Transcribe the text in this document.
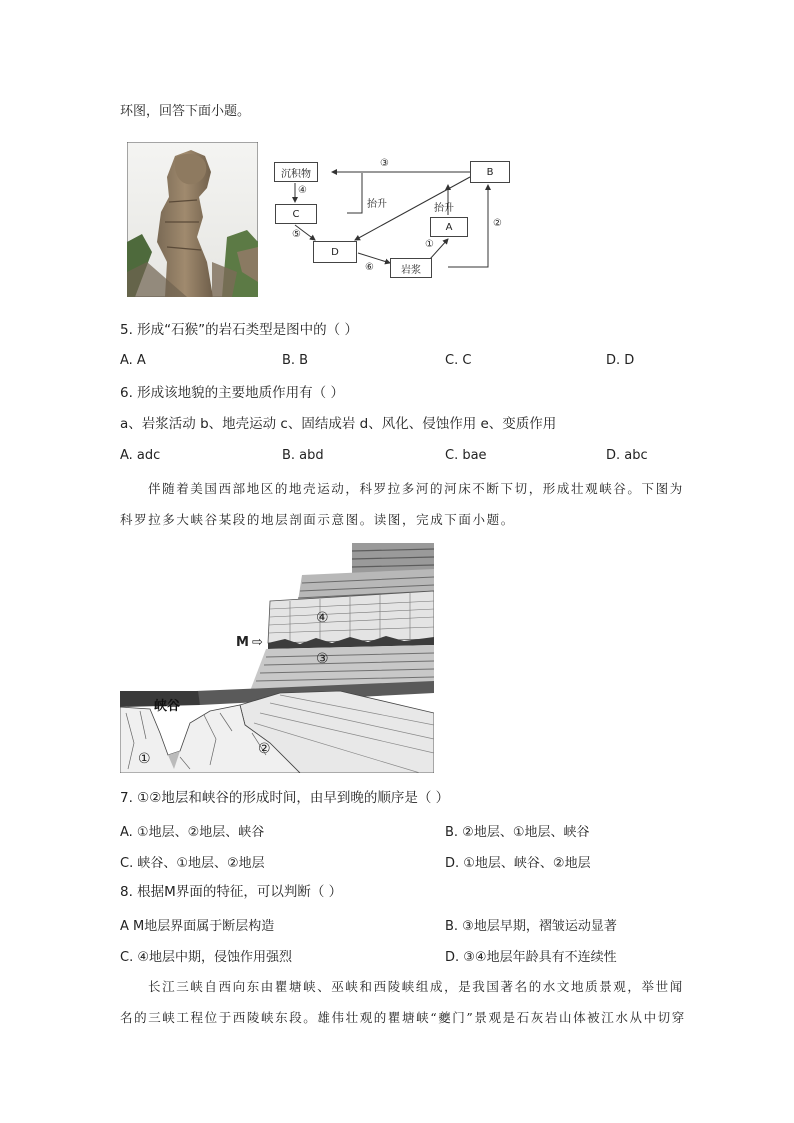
环图，回答下面小题。
沉积物
C
D
B
A
岩浆
③
④
⑤
⑥
①
②
抬升	抬升
5. 形成“石猴”的岩石类型是图中的（ ）
A. A	B. B	C. C	D. D
6. 形成该地貌的主要地质作用有（ ）
a、岩浆活动 b、地壳运动 c、固结成岩 d、风化、侵蚀作用 e、变质作用
A. adc	B. abd	C. bae	D. abc
伴随着美国西部地区的地壳运动，科罗拉多河的河床不断下切，形成壮观峡谷。下图为
科罗拉多大峡谷某段的地层剖面示意图。读图，完成下面小题。
④
③
M ⇨
峡谷
①
②
7. ①②地层和峡谷的形成时间，由早到晚的顺序是（ ）
A. ①地层、②地层、峡谷	B. ②地层、①地层、峡谷
C. 峡谷、①地层、②地层	D. ①地层、峡谷、②地层
8. 根据M界面的特征，可以判断（ ）
A M地层界面属于断层构造	B. ③地层早期，褶皱运动显著
C. ④地层中期，侵蚀作用强烈	D. ③④地层年龄具有不连续性
长江三峡自西向东由瞿塘峡、巫峡和西陵峡组成，是我国著名的水文地质景观，举世闻
名的三峡工程位于西陵峡东段。雄伟壮观的瞿塘峡“夔门”景观是石灰岩山体被江水从中切穿
